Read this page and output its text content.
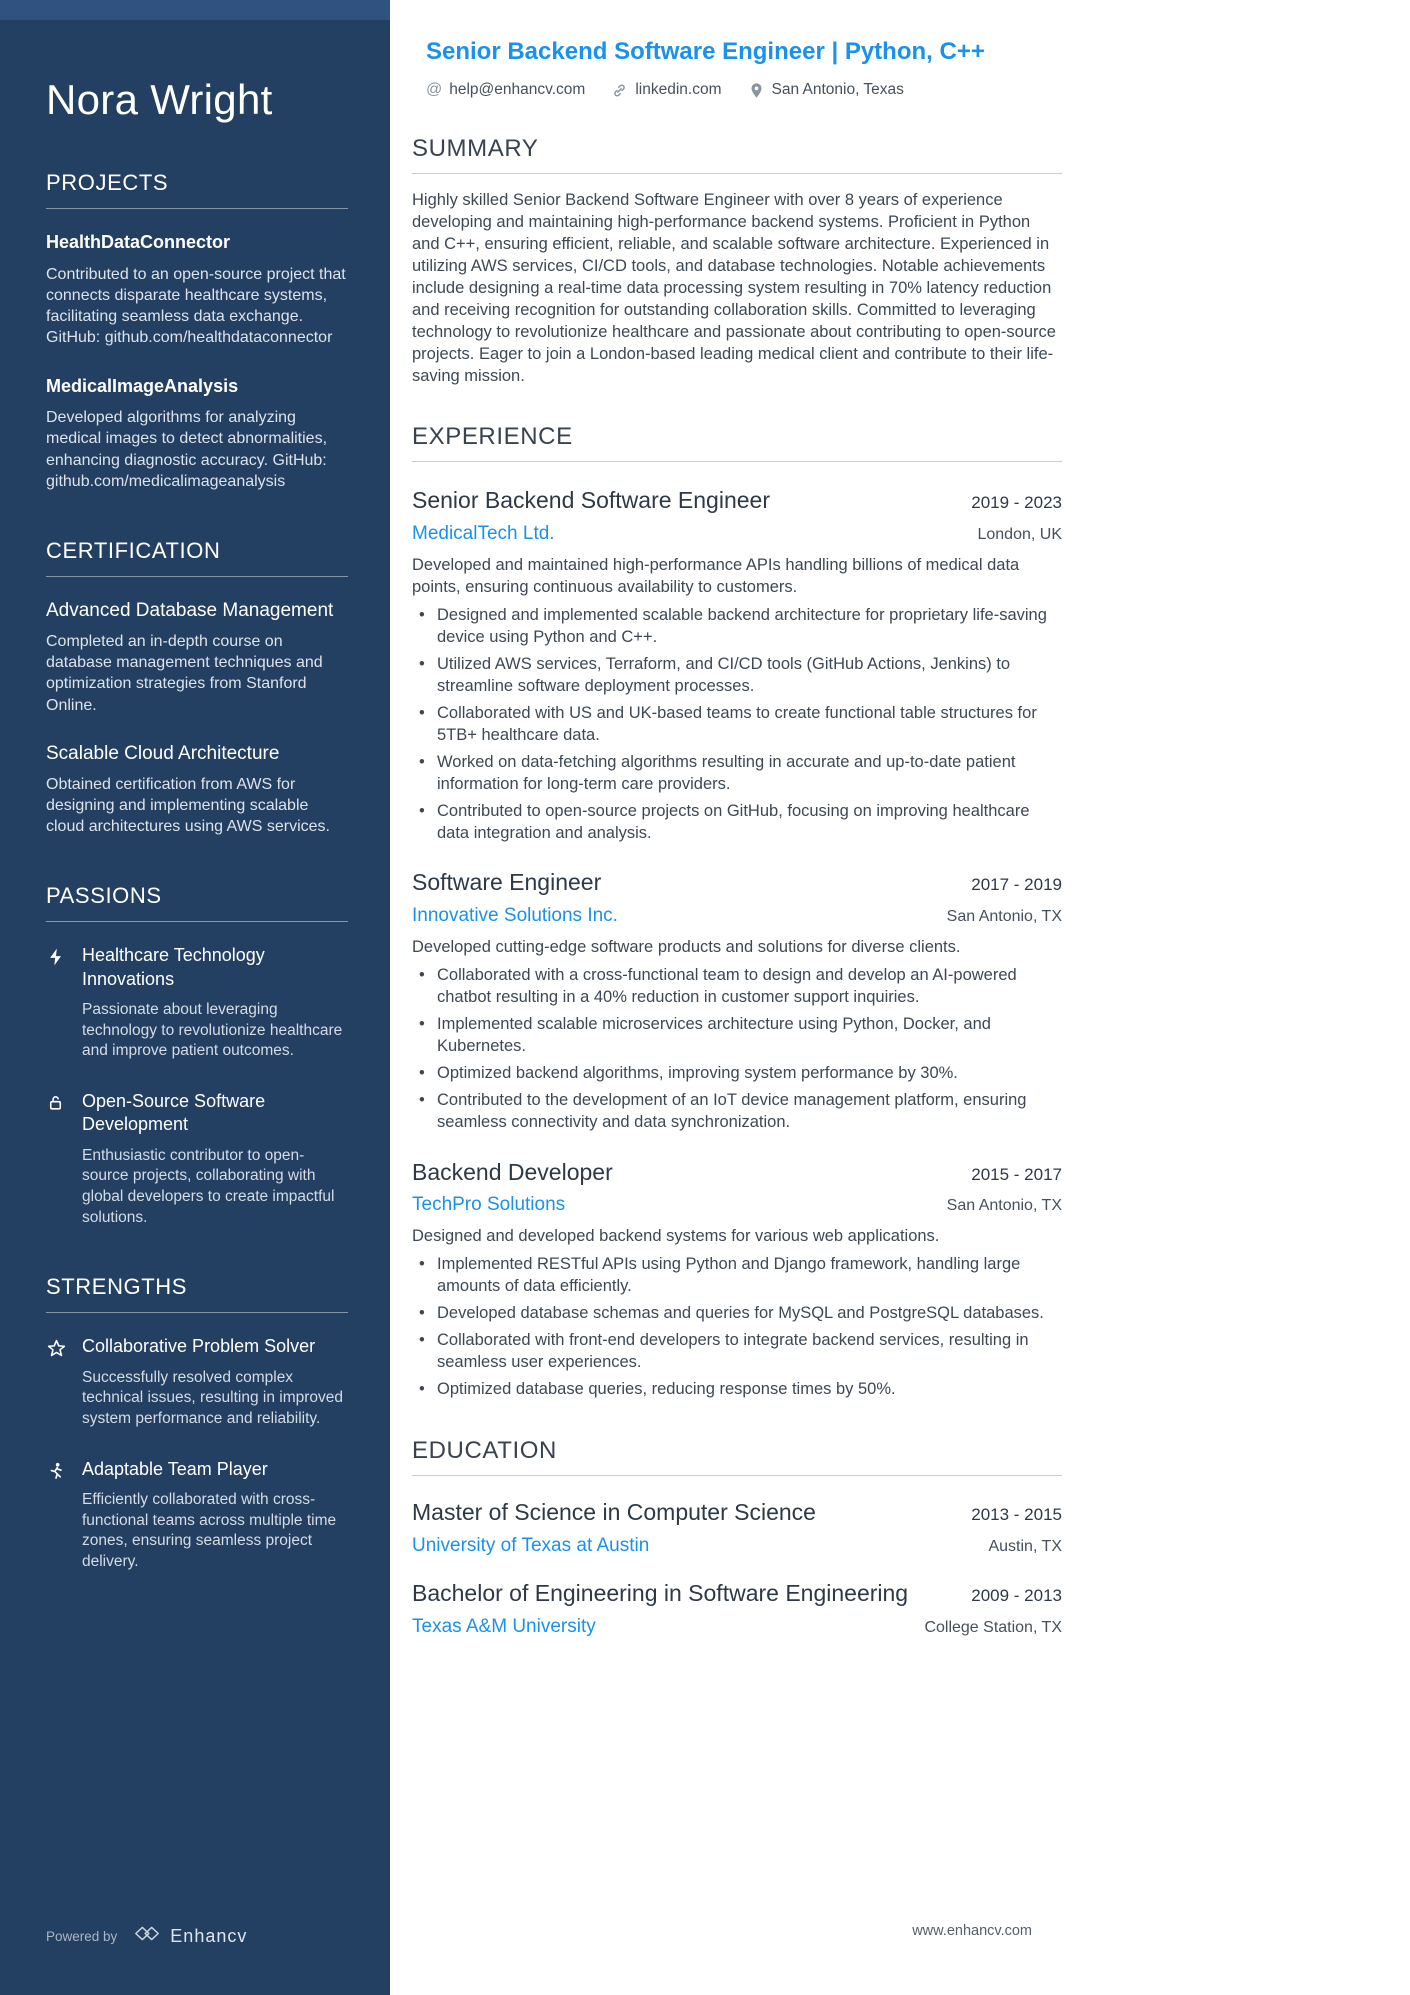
Nora Wright
PROJECTS
HealthDataConnector
Contributed to an open-source project that connects disparate healthcare systems, facilitating seamless data exchange. GitHub: github.com/healthdataconnector
MedicalImageAnalysis
Developed algorithms for analyzing medical images to detect abnormalities, enhancing diagnostic accuracy. GitHub: github.com/medicalimageanalysis
CERTIFICATION
Advanced Database Management
Completed an in-depth course on database management techniques and optimization strategies from Stanford Online.
Scalable Cloud Architecture
Obtained certification from AWS for designing and implementing scalable cloud architectures using AWS services.
PASSIONS
Healthcare Technology Innovations

Passionate about leveraging technology to revolutionize healthcare and improve patient outcomes.

Open-Source Software Development

Enthusiastic contributor to open-source projects, collaborating with global developers to create impactful solutions.

STRENGTHS
Collaborative Problem Solver

Successfully resolved complex technical issues, resulting in improved system performance and reliability.

Adaptable Team Player

Efficiently collaborated with cross-functional teams across multiple time zones, ensuring seamless project delivery.

Powered by	Enhancv
Senior Backend Software Engineer | Python, C++
@ help@enhancv.com	linkedin.com	San Antonio, Texas
SUMMARY

Highly skilled Senior Backend Software Engineer with over 8 years of experience developing and maintaining high-performance backend systems. Proficient in Python and C++, ensuring efficient, reliable, and scalable software architecture. Experienced in utilizing AWS services, CI/CD tools, and database technologies. Notable achievements include designing a real-time data processing system resulting in 70% latency reduction and receiving recognition for outstanding collaboration skills. Committed to leveraging technology to revolutionize healthcare and passionate about contributing to open-source projects. Eager to join a London-based leading medical client and contribute to their life-saving mission.

EXPERIENCE
Senior Backend Software Engineer	2019 - 2023
MedicalTech Ltd.	London, UK

Developed and maintained high-performance APIs handling billions of medical data points, ensuring continuous availability to customers.

• Designed and implemented scalable backend architecture for proprietary life-saving device using Python and C++.
• Utilized AWS services, Terraform, and CI/CD tools (GitHub Actions, Jenkins) to streamline software deployment processes.
• Collaborated with US and UK-based teams to create functional table structures for 5TB+ healthcare data.
• Worked on data-fetching algorithms resulting in accurate and up-to-date patient information for long-term care providers.
• Contributed to open-source projects on GitHub, focusing on improving healthcare data integration and analysis.
Software Engineer	2017 - 2019
Innovative Solutions Inc.	San Antonio, TX

Developed cutting-edge software products and solutions for diverse clients.

• Collaborated with a cross-functional team to design and develop an AI-powered chatbot resulting in a 40% reduction in customer support inquiries.
• Implemented scalable microservices architecture using Python, Docker, and Kubernetes.
• Optimized backend algorithms, improving system performance by 30%.
• Contributed to the development of an IoT device management platform, ensuring seamless connectivity and data synchronization.
Backend Developer	2015 - 2017
TechPro Solutions	San Antonio, TX

Designed and developed backend systems for various web applications.

• Implemented RESTful APIs using Python and Django framework, handling large amounts of data efficiently.
• Developed database schemas and queries for MySQL and PostgreSQL databases.
• Collaborated with front-end developers to integrate backend services, resulting in seamless user experiences.
• Optimized database queries, reducing response times by 50%.
EDUCATION
Master of Science in Computer Science	2013 - 2015
University of Texas at Austin	Austin, TX
Bachelor of Engineering in Software Engineering	2009 - 2013
Texas A&M University	College Station, TX
www.enhancv.com
